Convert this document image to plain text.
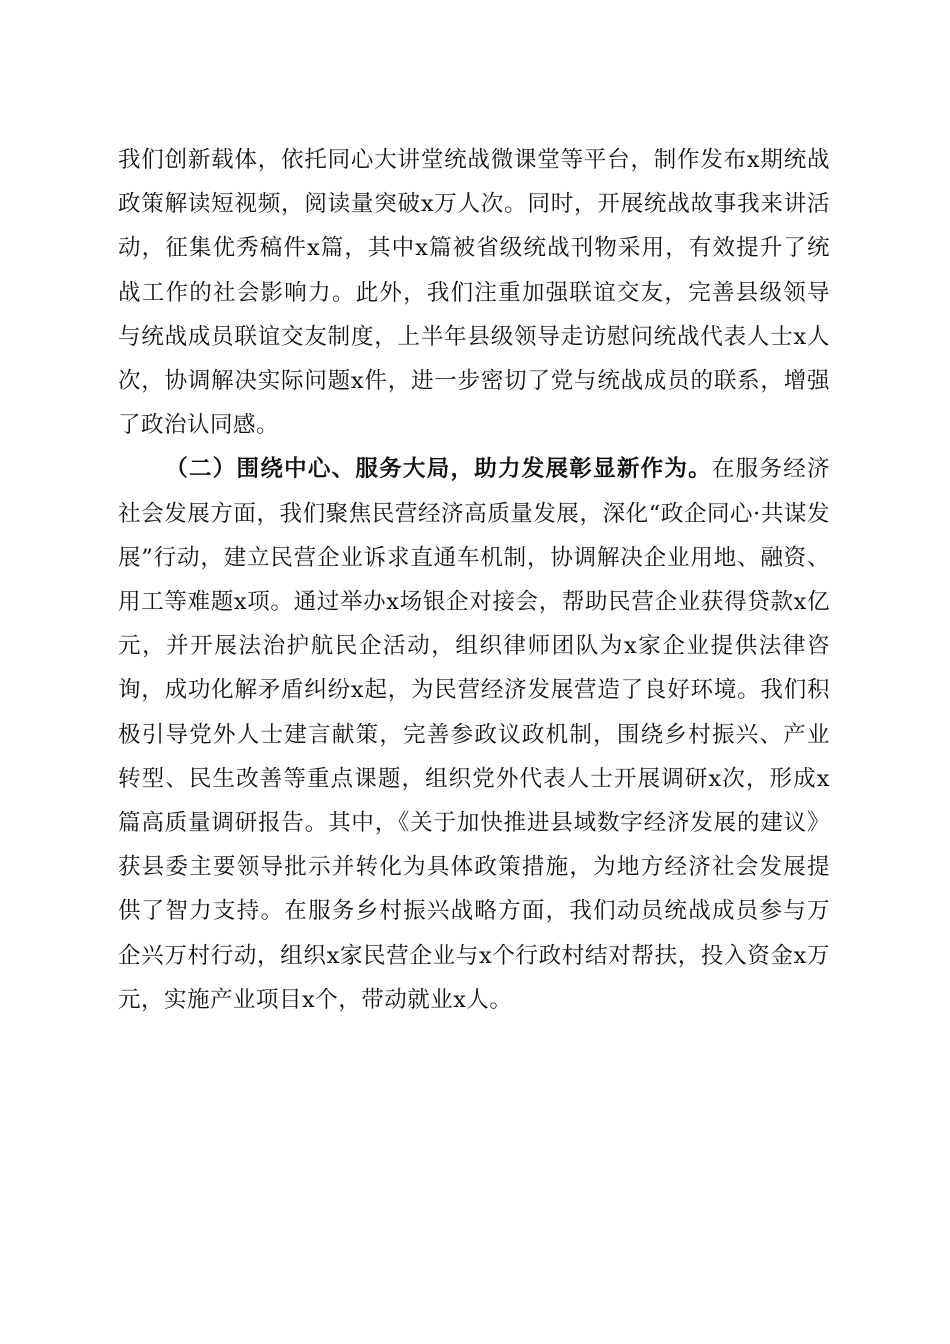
我们创新载体，依托同心大讲堂统战微课堂等平台，制作发布x期统战政策解读短视频，阅读量突破x万人次。同时，开展统战故事我来讲活动，征集优秀稿件x篇，其中x篇被省级统战刊物采用，有效提升了统战工作的社会影响力。此外，我们注重加强联谊交友，完善县级领导与统战成员联谊交友制度，上半年县级领导走访慰问统战代表人士x人次，协调解决实际问题x件，进一步密切了党与统战成员的联系，增强了政治认同感。

（二）围绕中心、服务大局，助力发展彰显新作为。在服务经济社会发展方面，我们聚焦民营经济高质量发展，深化“政企同心·共谋发展”行动，建立民营企业诉求直通车机制，协调解决企业用地、融资、用工等难题x项。通过举办x场银企对接会，帮助民营企业获得贷款x亿元，并开展法治护航民企活动，组织律师团队为x家企业提供法律咨询，成功化解矛盾纠纷x起，为民营经济发展营造了良好环境。我们积极引导党外人士建言献策，完善参政议政机制，围绕乡村振兴、产业转型、民生改善等重点课题，组织党外代表人士开展调研x次，形成x篇高质量调研报告。其中，《关于加快推进县域数字经济发展的建议》获县委主要领导批示并转化为具体政策措施，为地方经济社会发展提供了智力支持。在服务乡村振兴战略方面，我们动员统战成员参与万企兴万村行动，组织x家民营企业与x个行政村结对帮扶，投入资金x万元，实施产业项目x个，带动就业x人。
